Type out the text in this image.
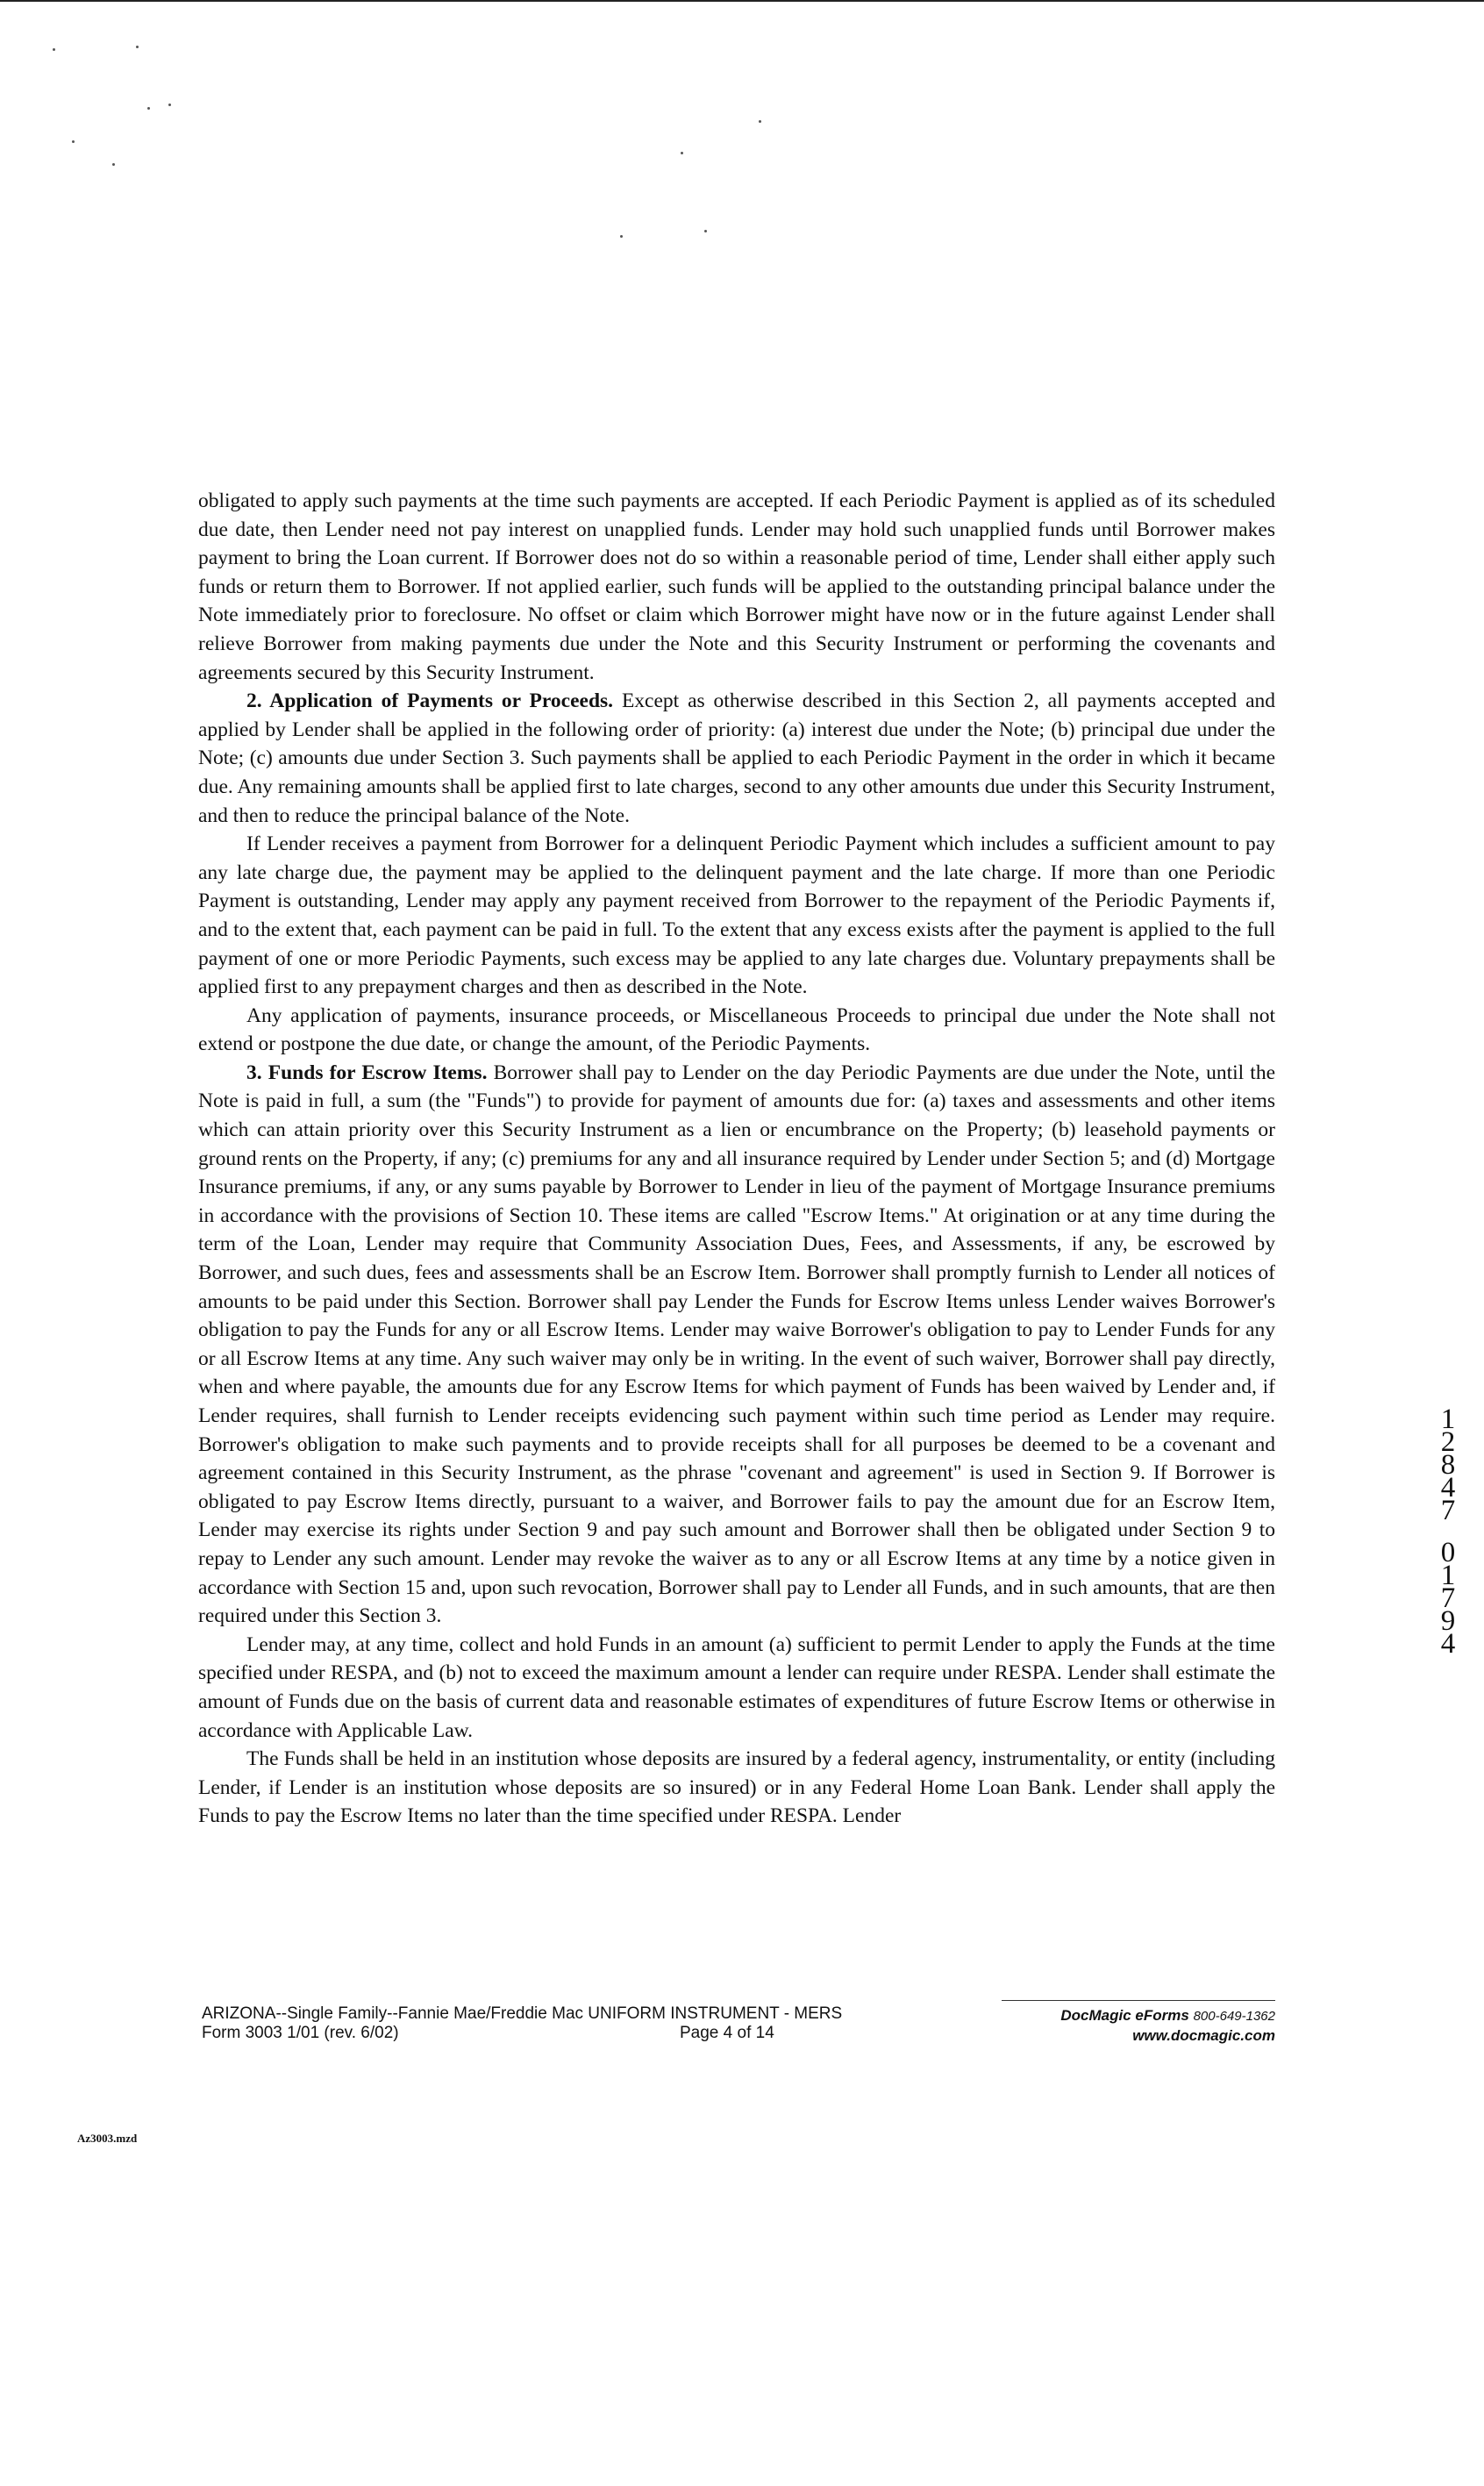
obligated to apply such payments at the time such payments are accepted. If each Periodic Payment is applied as of its scheduled due date, then Lender need not pay interest on unapplied funds. Lender may hold such unapplied funds until Borrower makes payment to bring the Loan current. If Borrower does not do so within a reasonable period of time, Lender shall either apply such funds or return them to Borrower. If not applied earlier, such funds will be applied to the outstanding principal balance under the Note immediately prior to foreclosure. No offset or claim which Borrower might have now or in the future against Lender shall relieve Borrower from making payments due under the Note and this Security Instrument or performing the covenants and agreements secured by this Security Instrument.

2. Application of Payments or Proceeds. Except as otherwise described in this Section 2, all payments accepted and applied by Lender shall be applied in the following order of priority: (a) interest due under the Note; (b) principal due under the Note; (c) amounts due under Section 3. Such payments shall be applied to each Periodic Payment in the order in which it became due. Any remaining amounts shall be applied first to late charges, second to any other amounts due under this Security Instrument, and then to reduce the principal balance of the Note.

If Lender receives a payment from Borrower for a delinquent Periodic Payment which includes a sufficient amount to pay any late charge due, the payment may be applied to the delinquent payment and the late charge. If more than one Periodic Payment is outstanding, Lender may apply any payment received from Borrower to the repayment of the Periodic Payments if, and to the extent that, each payment can be paid in full. To the extent that any excess exists after the payment is applied to the full payment of one or more Periodic Payments, such excess may be applied to any late charges due. Voluntary prepayments shall be applied first to any prepayment charges and then as described in the Note.

Any application of payments, insurance proceeds, or Miscellaneous Proceeds to principal due under the Note shall not extend or postpone the due date, or change the amount, of the Periodic Payments.

3. Funds for Escrow Items. Borrower shall pay to Lender on the day Periodic Payments are due under the Note, until the Note is paid in full, a sum (the "Funds") to provide for payment of amounts due for: (a) taxes and assessments and other items which can attain priority over this Security Instrument as a lien or encumbrance on the Property; (b) leasehold payments or ground rents on the Property, if any; (c) premiums for any and all insurance required by Lender under Section 5; and (d) Mortgage Insurance premiums, if any, or any sums payable by Borrower to Lender in lieu of the payment of Mortgage Insurance premiums in accordance with the provisions of Section 10. These items are called "Escrow Items." At origination or at any time during the term of the Loan, Lender may require that Community Association Dues, Fees, and Assessments, if any, be escrowed by Borrower, and such dues, fees and assessments shall be an Escrow Item. Borrower shall promptly furnish to Lender all notices of amounts to be paid under this Section. Borrower shall pay Lender the Funds for Escrow Items unless Lender waives Borrower's obligation to pay the Funds for any or all Escrow Items. Lender may waive Borrower's obligation to pay to Lender Funds for any or all Escrow Items at any time. Any such waiver may only be in writing. In the event of such waiver, Borrower shall pay directly, when and where payable, the amounts due for any Escrow Items for which payment of Funds has been waived by Lender and, if Lender requires, shall furnish to Lender receipts evidencing such payment within such time period as Lender may require. Borrower's obligation to make such payments and to provide receipts shall for all purposes be deemed to be a covenant and agreement contained in this Security Instrument, as the phrase "covenant and agreement" is used in Section 9. If Borrower is obligated to pay Escrow Items directly, pursuant to a waiver, and Borrower fails to pay the amount due for an Escrow Item, Lender may exercise its rights under Section 9 and pay such amount and Borrower shall then be obligated under Section 9 to repay to Lender any such amount. Lender may revoke the waiver as to any or all Escrow Items at any time by a notice given in accordance with Section 15 and, upon such revocation, Borrower shall pay to Lender all Funds, and in such amounts, that are then required under this Section 3.

Lender may, at any time, collect and hold Funds in an amount (a) sufficient to permit Lender to apply the Funds at the time specified under RESPA, and (b) not to exceed the maximum amount a lender can require under RESPA. Lender shall estimate the amount of Funds due on the basis of current data and reasonable estimates of expenditures of future Escrow Items or otherwise in accordance with Applicable Law.

The Funds shall be held in an institution whose deposits are insured by a federal agency, instrumentality, or entity (including Lender, if Lender is an institution whose deposits are so insured) or in any Federal Home Loan Bank. Lender shall apply the Funds to pay the Escrow Items no later than the time specified under RESPA. Lender

1
2
8
4
7
0
1
7
9
4
ARIZONA--Single Family--Fannie Mae/Freddie Mac UNIFORM INSTRUMENT - MERS
Form 3003 1/01 (rev. 6/02)	Page 4 of 14
DocMagic eForms 800-649-1362
www.docmagic.com
Az3003.mzd
